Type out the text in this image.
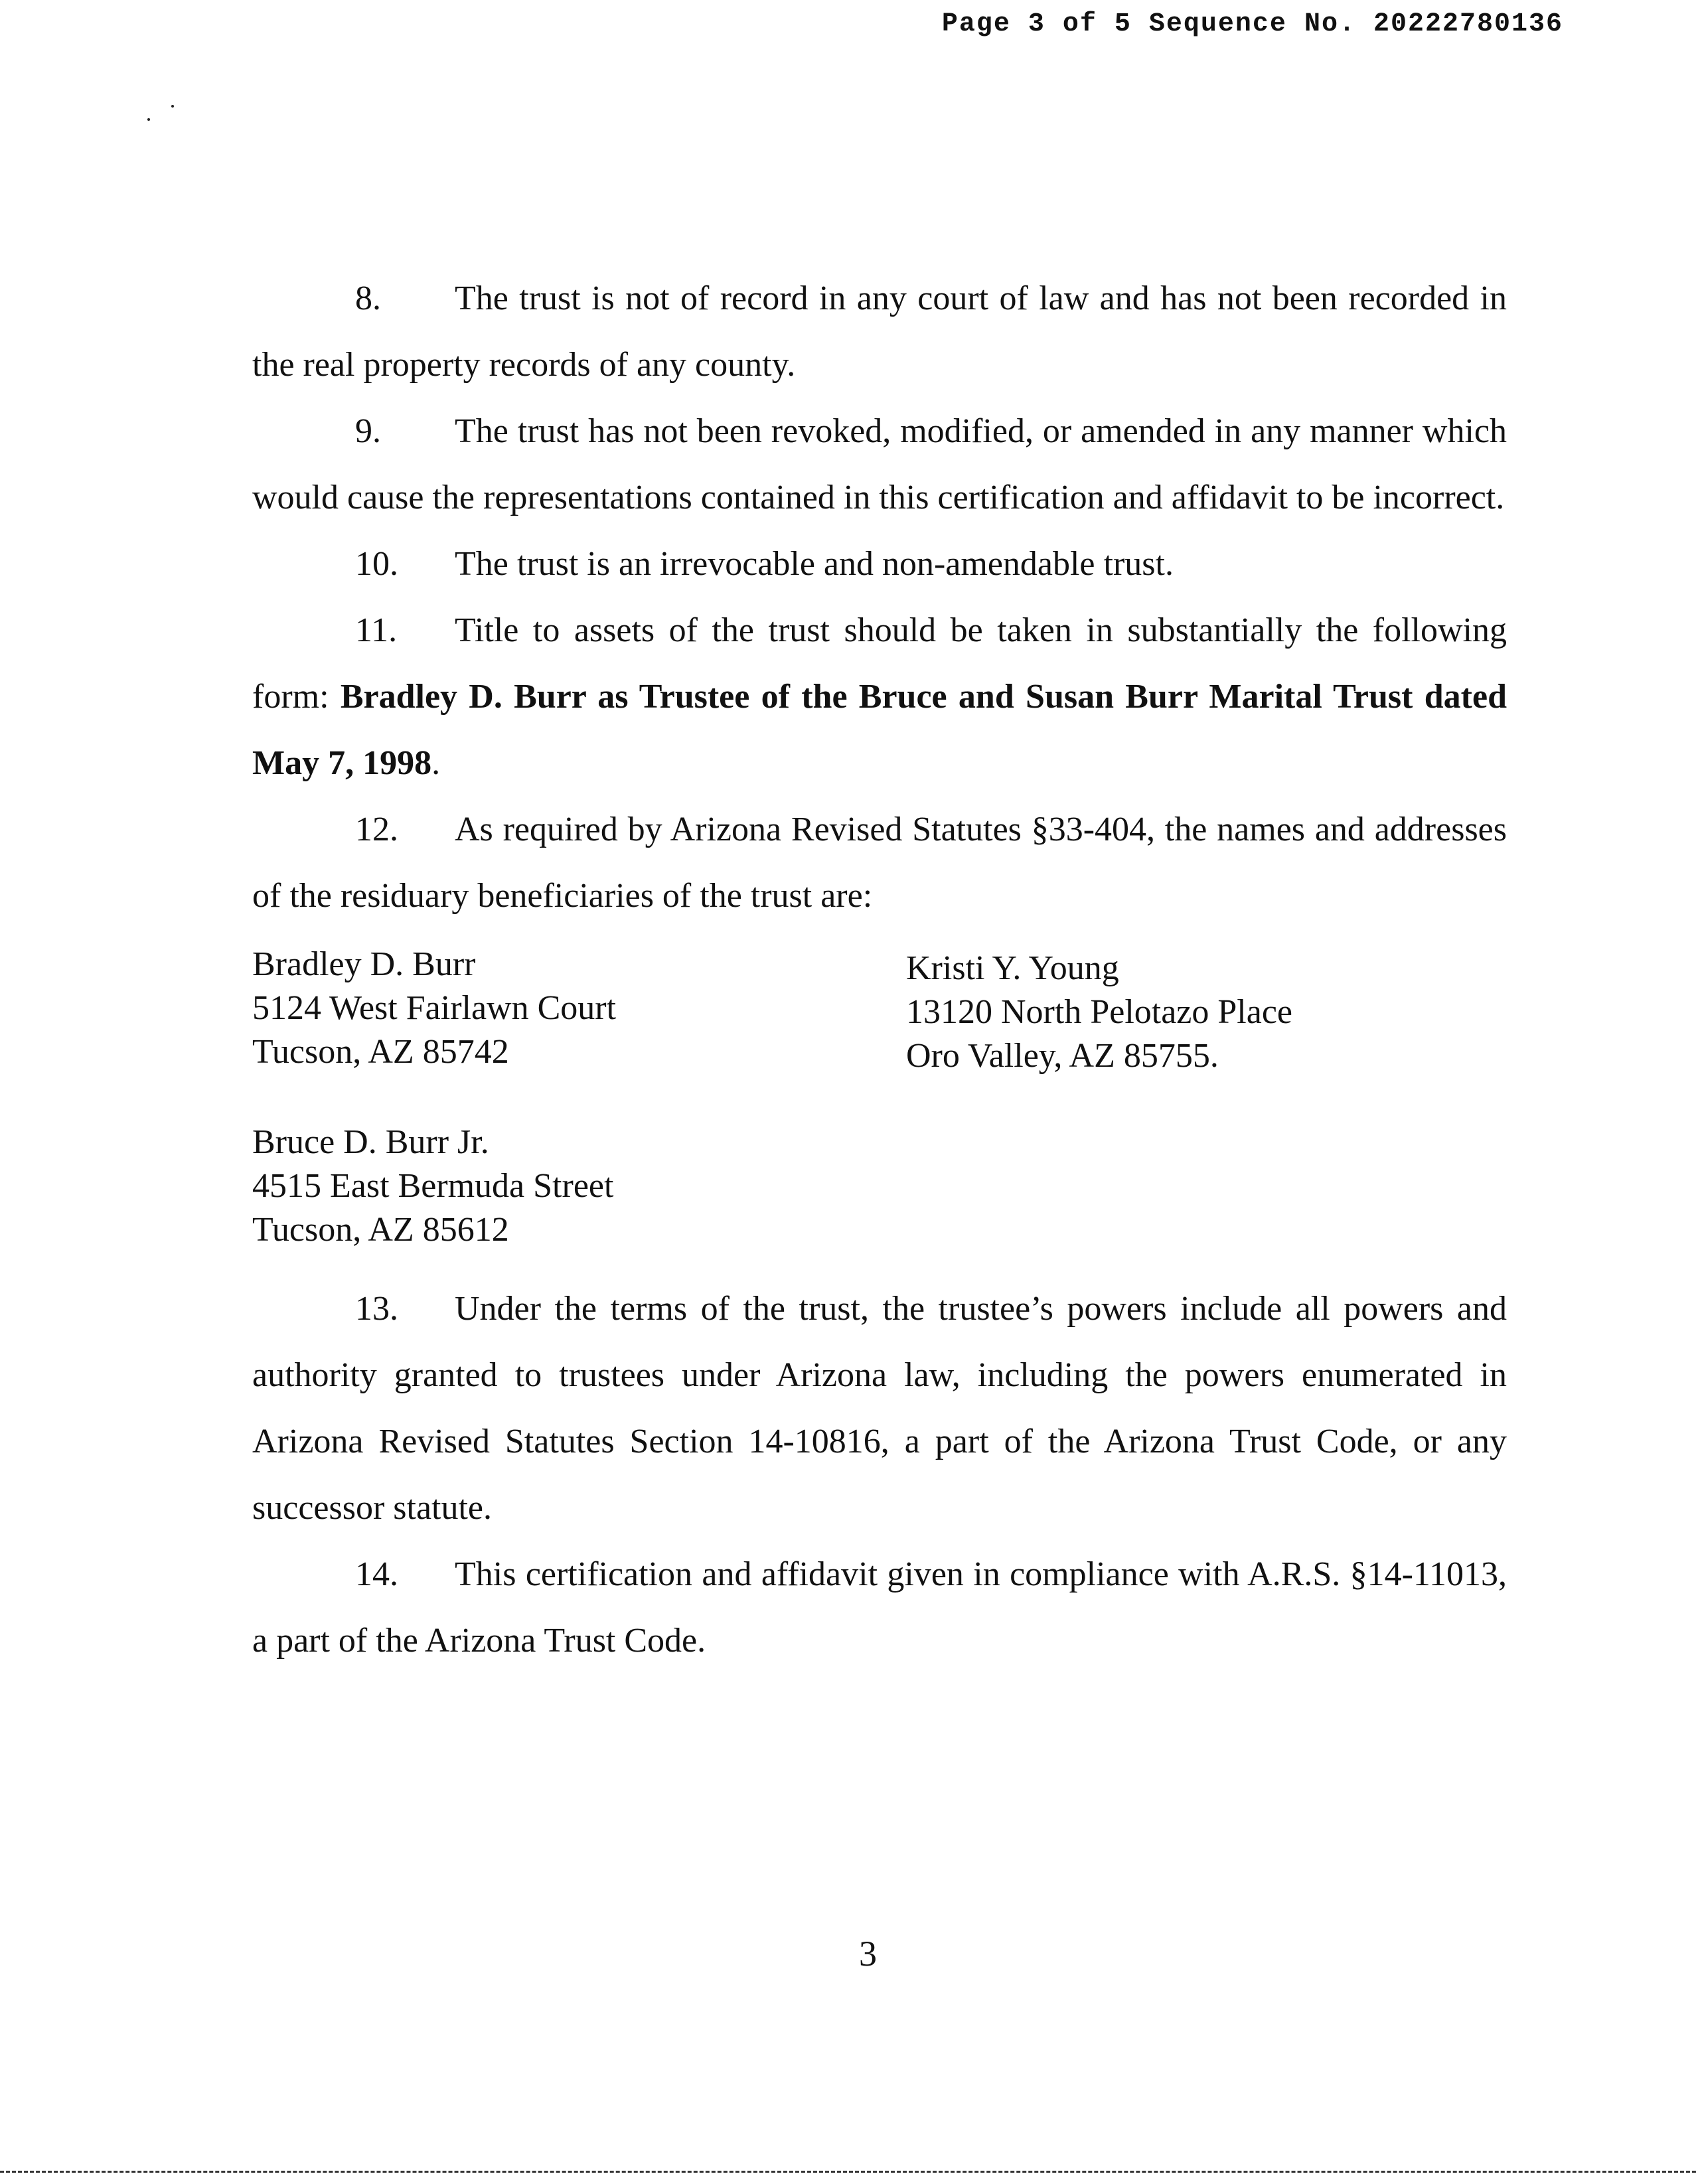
Page 3 of 5 Sequence No. 20222780136

8. The trust is not of record in any court of law and has not been recorded in the real property records of any county.

9. The trust has not been revoked, modified, or amended in any manner which would cause the representations contained in this certification and affidavit to be incorrect.

10. The trust is an irrevocable and non-amendable trust.

11. Title to assets of the trust should be taken in substantially the following form: Bradley D. Burr as Trustee of the Bruce and Susan Burr Marital Trust dated May 7, 1998.

12. As required by Arizona Revised Statutes §33-404, the names and addresses of the residuary beneficiaries of the trust are:

Bradley D. Burr
5124 West Fairlawn Court
Tucson, AZ 85742
Kristi Y. Young
13120 North Pelotazo Place
Oro Valley, AZ 85755.
Bruce D. Burr Jr.
4515 East Bermuda Street
Tucson, AZ 85612

13. Under the terms of the trust, the trustee’s powers include all powers and authority granted to trustees under Arizona law, including the powers enumerated in Arizona Revised Statutes Section 14-10816, a part of the Arizona Trust Code, or any successor statute.

14. This certification and affidavit given in compliance with A.R.S. §14-11013, a part of the Arizona Trust Code.

3
